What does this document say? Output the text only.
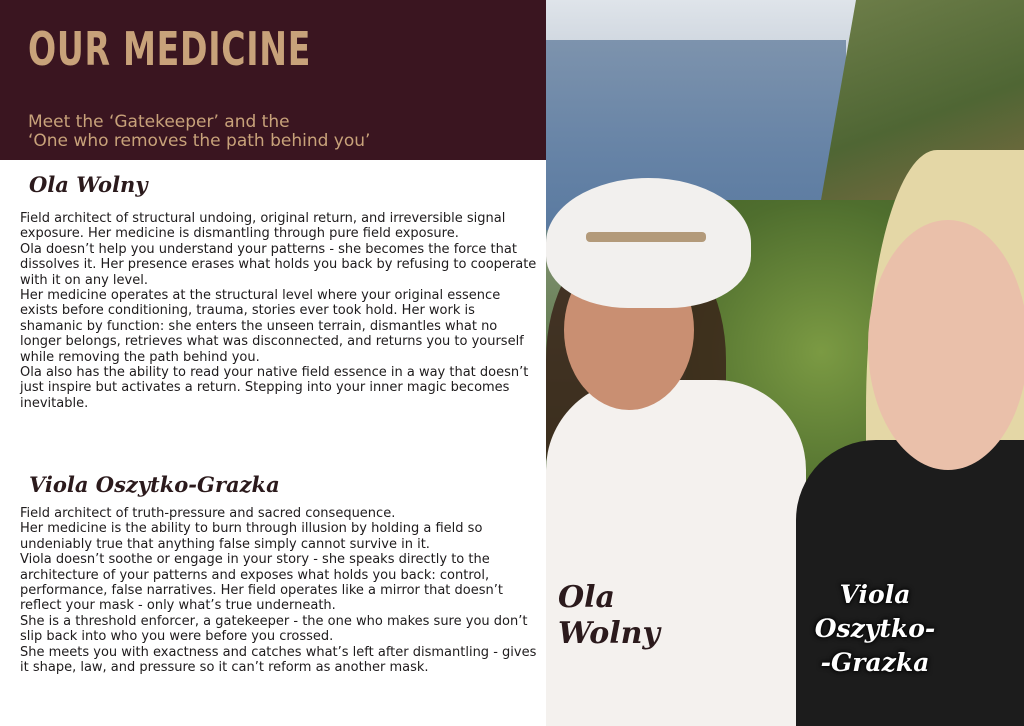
OUR MEDICINE
Meet the ‘Gatekeeper’ and the
‘One who removes the path behind you’
Ola Wolny

Field architect of structural undoing, original return, and irreversible signal exposure. Her medicine is dismantling through pure field exposure.

Ola doesn’t help you understand your patterns - she becomes the force that dissolves it. Her presence erases what holds you back by refusing to cooperate with it on any level.

Her medicine operates at the structural level where your original essence exists before conditioning, trauma, stories ever took hold. Her work is shamanic by function: she enters the unseen terrain, dismantles what no longer belongs, retrieves what was disconnected, and returns you to yourself while removing the path behind you.

Ola also has the ability to read your native field essence in a way that doesn’t just inspire but activates a return. Stepping into your inner magic becomes inevitable.

Viola Oszytko-Grazka

Field architect of truth-pressure and sacred consequence.

Her medicine is the ability to burn through illusion by holding a field so undeniably true that anything false simply cannot survive in it.

Viola doesn’t soothe or engage in your story - she speaks directly to the architecture of your patterns and exposes what holds you back: control, performance, false narratives. Her field operates like a mirror that doesn’t reflect your mask - only what’s true underneath.

She is a threshold enforcer, a gatekeeper - the one who makes sure you don’t slip back into who you were before you crossed.

She meets you with exactness and catches what’s left after dismantling - gives it shape, law, and pressure so it can’t reform as another mask.

Ola
Wolny
Viola
Oszytko-
-Grazka
